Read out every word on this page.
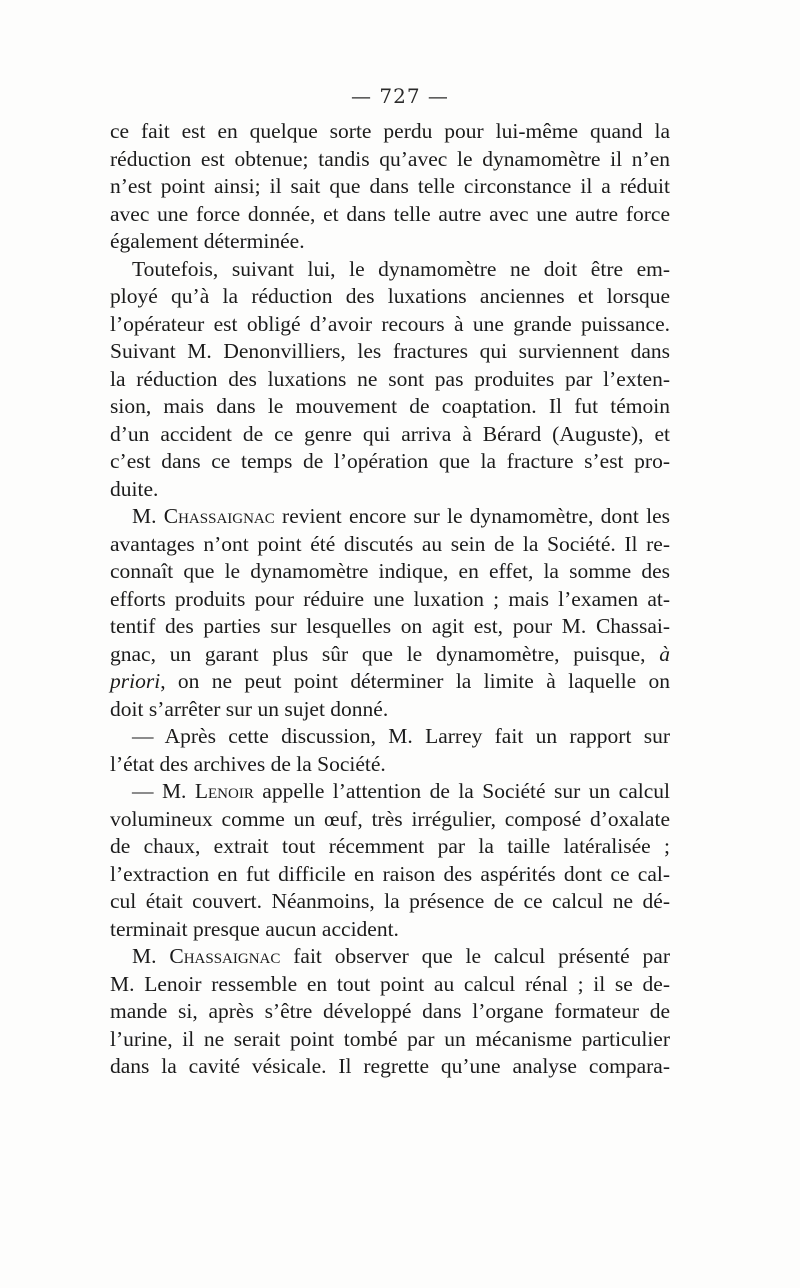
— 727 —
ce fait est en quelque sorte perdu pour lui-même quand la
réduction est obtenue; tandis qu’avec le dynamomètre il n’en
n’est point ainsi; il sait que dans telle circonstance il a réduit
avec une force donnée, et dans telle autre avec une autre force
également déterminée.
Toutefois, suivant lui, le dynamomètre ne doit être em-
ployé qu’à la réduction des luxations anciennes et lorsque
l’opérateur est obligé d’avoir recours à une grande puissance.
Suivant M. Denonvilliers, les fractures qui surviennent dans
la réduction des luxations ne sont pas produites par l’exten-
sion, mais dans le mouvement de coaptation. Il fut témoin
d’un accident de ce genre qui arriva à Bérard (Auguste), et
c’est dans ce temps de l’opération que la fracture s’est pro-
duite.
M. Chassaignac revient encore sur le dynamomètre, dont les
avantages n’ont point été discutés au sein de la Société. Il re-
connaît que le dynamomètre indique, en effet, la somme des
efforts produits pour réduire une luxation ; mais l’examen at-
tentif des parties sur lesquelles on agit est, pour M. Chassai-
gnac, un garant plus sûr que le dynamomètre, puisque, à
priori, on ne peut point déterminer la limite à laquelle on
doit s’arrêter sur un sujet donné.
— Après cette discussion, M. Larrey fait un rapport sur
l’état des archives de la Société.
— M. Lenoir appelle l’attention de la Société sur un calcul
volumineux comme un œuf, très irrégulier, composé d’oxalate
de chaux, extrait tout récemment par la taille latéralisée ;
l’extraction en fut difficile en raison des aspérités dont ce cal-
cul était couvert. Néanmoins, la présence de ce calcul ne dé-
terminait presque aucun accident.
M. Chassaignac fait observer que le calcul présenté par
M. Lenoir ressemble en tout point au calcul rénal ; il se de-
mande si, après s’être développé dans l’organe formateur de
l’urine, il ne serait point tombé par un mécanisme particulier
dans la cavité vésicale. Il regrette qu’une analyse compara-
